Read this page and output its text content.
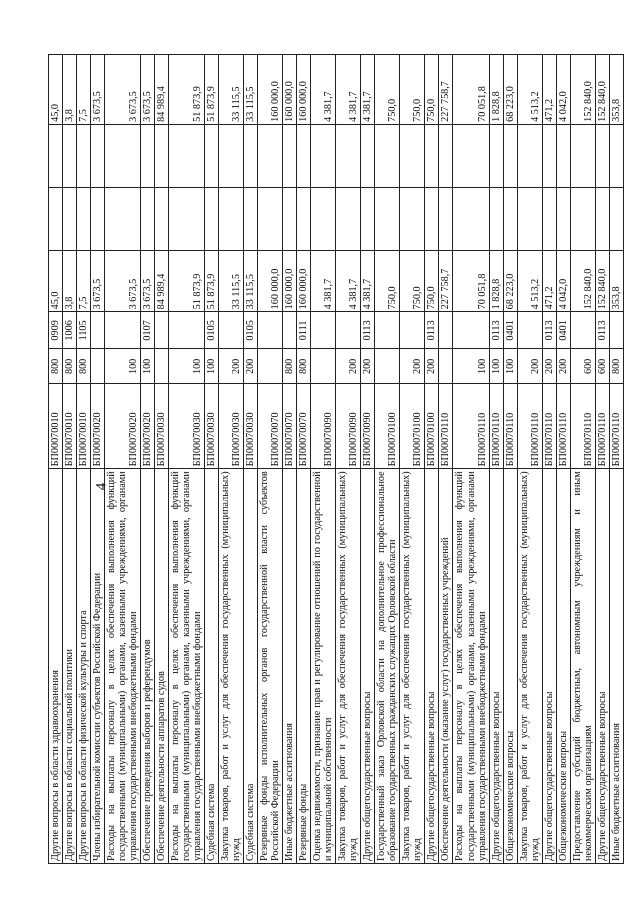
4
Другие вопросы в области здравоохранения	БП00070010	800	0909	45,0			45,0
Другие вопросы в области социальной политики	БП00070010	800	1006	3,8			3,8
Другие вопросы в области физической культуры и спорта	БП00070010	800	1105	7,5			7,5
Члены избирательной комиссии субъектов Российской Федерации	БП00070020			3 673,5			3 673,5
Расходы на выплаты персоналу в целях обеспечения выполнения функций государственными (муниципальными) органами, казенными учреждениями, органами управления государственными внебюджетными фондами	БП00070020	100		3 673,5			3 673,5
Обеспечение проведения выборов и референдумов	БП00070020	100	0107	3 673,5			3 673,5
Обеспечение деятельности аппаратов судов	БП00070030			84 989,4			84 989,4
Расходы на выплаты персоналу в целях обеспечения выполнения функций государственными (муниципальными) органами, казенными учреждениями, органами управления государственными внебюджетными фондами	БП00070030	100		51 873,9			51 873,9
Судебная система	БП00070030	100	0105	51 873,9			51 873,9
Закупка товаров, работ и услуг для обеспечения государственных (муниципальных) нужд	БП00070030	200		33 115,5			33 115,5
Судебная система	БП00070030	200	0105	33 115,5			33 115,5
Резервные фонды исполнительных органов государственной власти субъектов Российской Федерации	БП00070070			160 000,0			160 000,0
Иные бюджетные ассигнования	БП00070070	800		160 000,0			160 000,0
Резервные фонды	БП00070070	800	0111	160 000,0			160 000,0
Оценка недвижимости, признание прав и регулирование отношений по государственной и муниципальной собственности	БП00070090			4 381,7			4 381,7
Закупка товаров, работ и услуг для обеспечения государственных (муниципальных) нужд	БП00070090	200		4 381,7			4 381,7
Другие общегосударственные вопросы	БП00070090	200	0113	4 381,7			4 381,7
Государственный заказ Орловской области на дополнительное профессиональное образование государственных гражданских служащих Орловской области	БП00070100			750,0			750,0
Закупка товаров, работ и услуг для обеспечения государственных (муниципальных) нужд	БП00070100	200		750,0			750,0
Другие общегосударственные вопросы	БП00070100	200	0113	750,0			750,0
Обеспечение деятельности (оказание услуг) государственных учреждений	БП00070110			227 758,7			227 758,7
Расходы на выплаты персоналу в целях обеспечения выполнения функций государственными (муниципальными) органами, казенными учреждениями, органами управления государственными внебюджетными фондами	БП00070110	100		70 051,8			70 051,8
Другие общегосударственные вопросы	БП00070110	100	0113	1 828,8			1 828,8
Общеэкономические вопросы	БП00070110	100	0401	68 223,0			68 223,0
Закупка товаров, работ и услуг для обеспечения государственных (муниципальных) нужд	БП00070110	200		4 513,2			4 513,2
Другие общегосударственные вопросы	БП00070110	200	0113	471,2			471,2
Общеэкономические вопросы	БП00070110	200	0401	4 042,0			4 042,0
Предоставление субсидий бюджетным, автономным учреждениям и иным некоммерческим организациям	БП00070110	600		152 840,0			152 840,0
Другие общегосударственные вопросы	БП00070110	600	0113	152 840,0			152 840,0
Иные бюджетные ассигнования	БП00070110	800		353,8			353,8
